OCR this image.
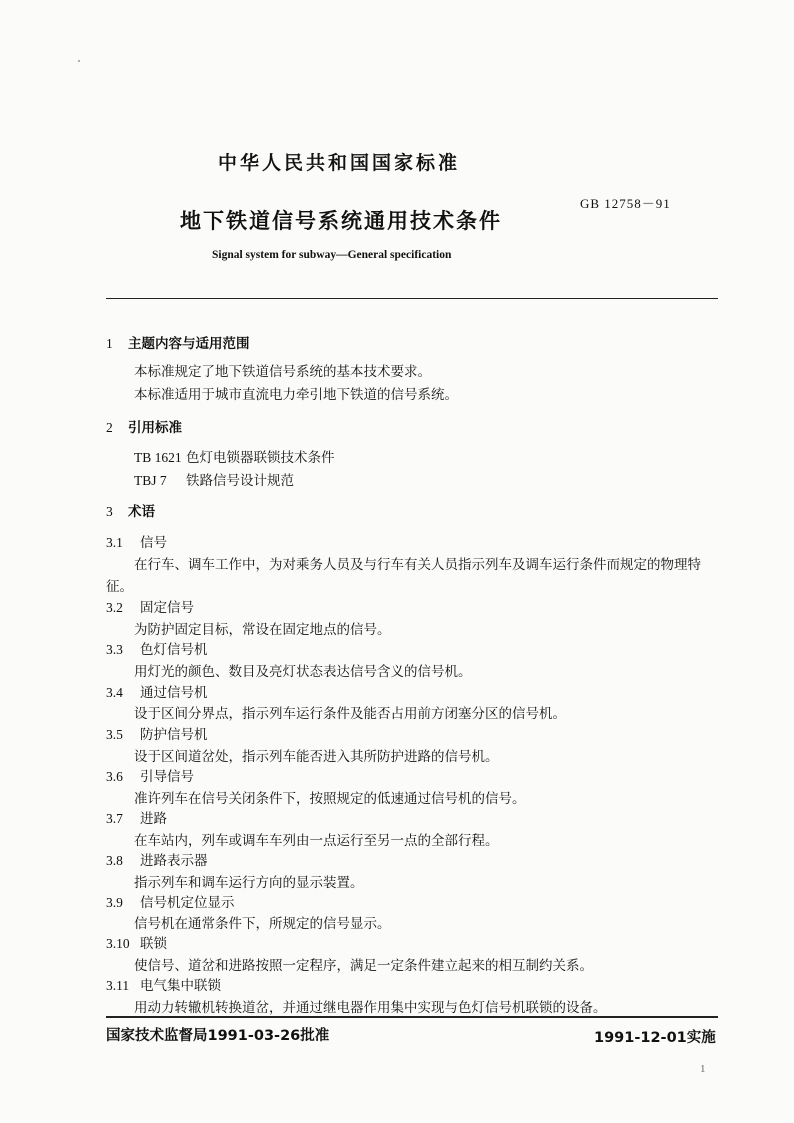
中华人民共和国国家标准
GB 12758－91
地下铁道信号系统通用技术条件
Signal system for subway—General specification
1 主题内容与适用范围
本标准规定了地下铁道信号系统的基本技术要求。
本标准适用于城市直流电力牵引地下铁道的信号系统。
2 引用标准
TB 1621 色灯电锁器联锁技术条件
TBJ 7 铁路信号设计规范
3 术语
3.1 信号
在行车、调车工作中，为对乘务人员及与行车有关人员指示列车及调车运行条件而规定的物理特
征。
3.2 固定信号
为防护固定目标，常设在固定地点的信号。
3.3 色灯信号机
用灯光的颜色、数目及亮灯状态表达信号含义的信号机。
3.4 通过信号机
设于区间分界点，指示列车运行条件及能否占用前方闭塞分区的信号机。
3.5 防护信号机
设于区间道岔处，指示列车能否进入其所防护进路的信号机。
3.6 引导信号
准许列车在信号关闭条件下，按照规定的低速通过信号机的信号。
3.7 进路
在车站内，列车或调车车列由一点运行至另一点的全部行程。
3.8 进路表示器
指示列车和调车运行方向的显示装置。
3.9 信号机定位显示
信号机在通常条件下，所规定的信号显示。
3.10 联锁
使信号、道岔和进路按照一定程序，满足一定条件建立起来的相互制约关系。
3.11 电气集中联锁
用动力转辙机转换道岔，并通过继电器作用集中实现与色灯信号机联锁的设备。
国家技术监督局1991-03-26批准	1991-12-01实施
1
